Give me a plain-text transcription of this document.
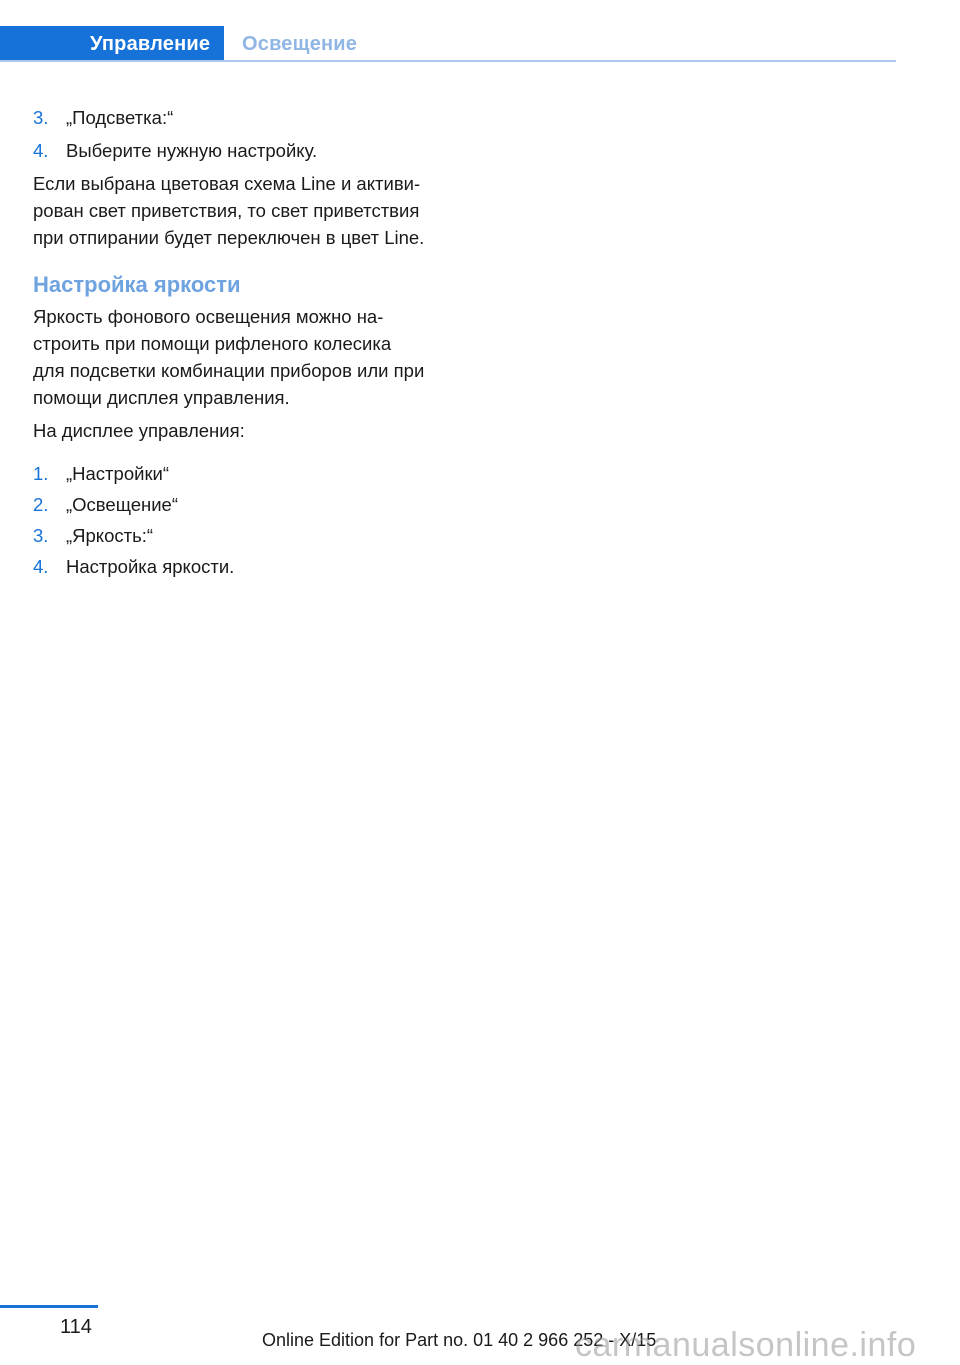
Управление	Освещение
3. „Подсветка:“
4. Выберите нужную настройку.

Если выбрана цветовая схема Line и активи‐
рован свет приветствия, то свет приветствия
при отпирании будет переключен в цвет Line.

Настройка яркости

Яркость фонового освещения можно на‐
строить при помощи рифленого колесика
для подсветки комбинации приборов или при
помощи дисплея управления.

На дисплее управления:

1. „Настройки“
2. „Освещение“
3. „Яркость:“
4. Настройка яркости.
114
Online Edition for Part no. 01 40 2 966 252 - X/15
carmanualsonline.info
